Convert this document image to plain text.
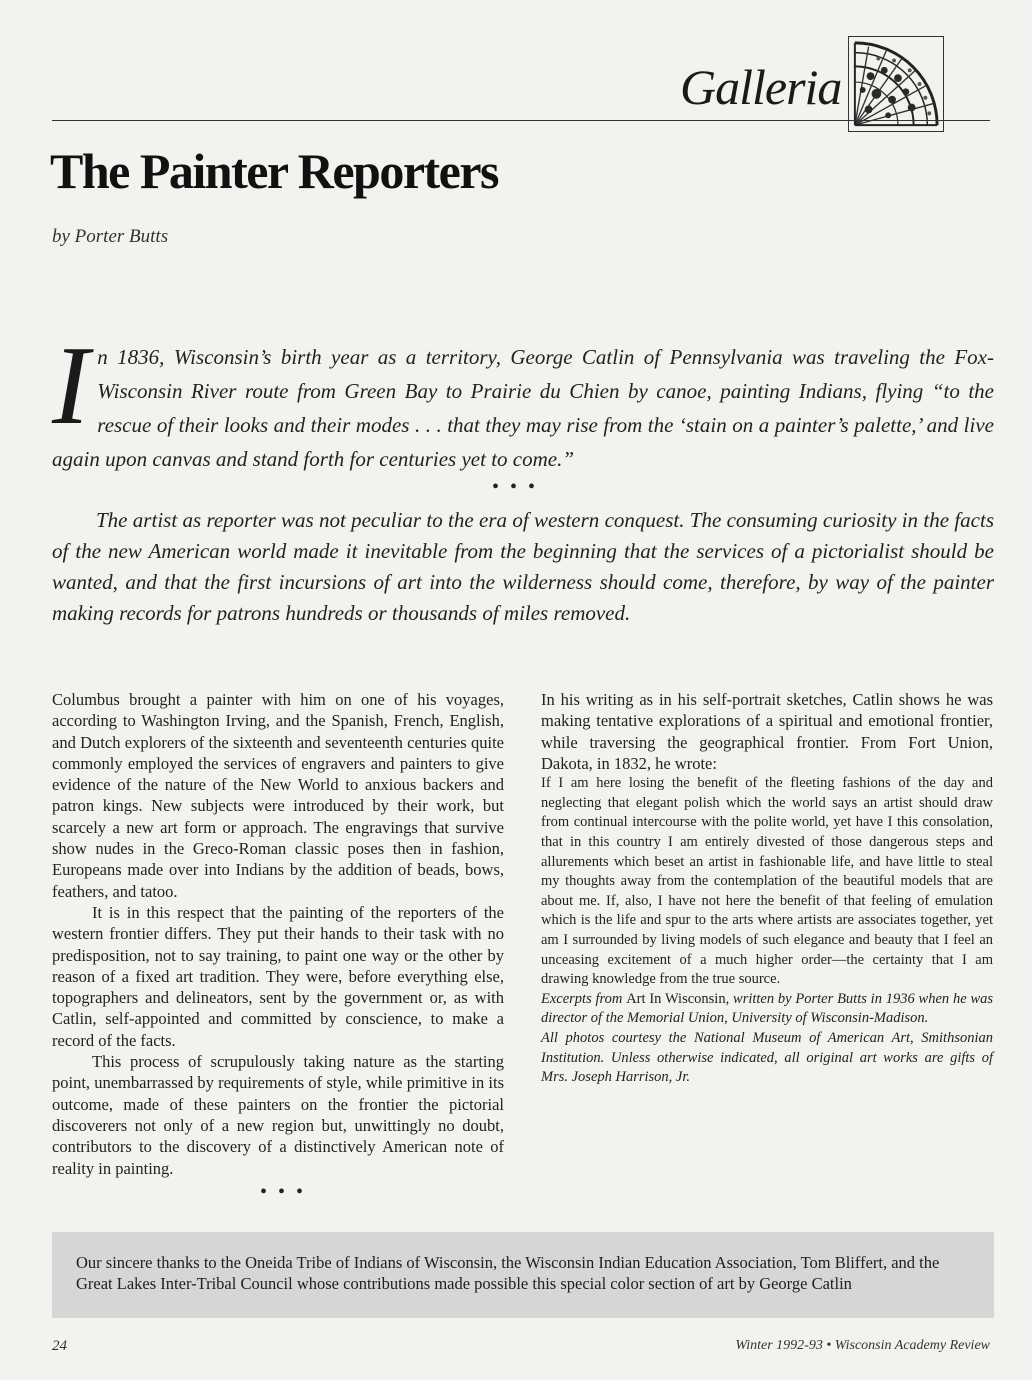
Galleria
The Painter Reporters
by Porter Butts
In 1836, Wisconsin’s birth year as a territory, George Catlin of Pennsylvania was traveling the Fox-Wisconsin River route from Green Bay to Prairie du Chien by canoe, painting Indians, flying “to the rescue of their looks and their modes . . . that they may rise from the ‘stain on a painter’s palette,’ and live again upon canvas and stand forth for centuries yet to come.”
• • •
The artist as reporter was not peculiar to the era of western conquest. The consuming curiosity in the facts of the new American world made it inevitable from the beginning that the services of a pictorialist should be wanted, and that the first incursions of art into the wilderness should come, therefore, by way of the painter making records for patrons hundreds or thousands of miles removed.

Columbus brought a painter with him on one of his voyages, according to Washington Irving, and the Spanish, French, English, and Dutch explorers of the sixteenth and seventeenth centuries quite commonly employed the services of engravers and painters to give evidence of the nature of the New World to anxious backers and patron kings. New subjects were introduced by their work, but scarcely a new art form or approach. The engravings that survive show nudes in the Greco-Roman classic poses then in fashion, Europeans made over into Indians by the addition of beads, bows, feathers, and tatoo.

It is in this respect that the painting of the reporters of the western frontier differs. They put their hands to their task with no predisposition, not to say training, to paint one way or the other by reason of a fixed art tradition. They were, before everything else, topographers and delineators, sent by the government or, as with Catlin, self-appointed and committed by conscience, to make a record of the facts.

This process of scrupulously taking nature as the starting point, unembarrassed by requirements of style, while primitive in its outcome, made of these painters on the frontier the pictorial discoverers not only of a new region but, unwittingly no doubt, contributors to the discovery of a distinctively American note of reality in painting.

• • •

In his writing as in his self-portrait sketches, Catlin shows he was making tentative explorations of a spiritual and emotional frontier, while traversing the geographical frontier. From Fort Union, Dakota, in 1832, he wrote:

If I am here losing the benefit of the fleeting fashions of the day and neglecting that elegant polish which the world says an artist should draw from continual intercourse with the polite world, yet have I this consolation, that in this country I am entirely divested of those dangerous steps and allurements which beset an artist in fashionable life, and have little to steal my thoughts away from the contemplation of the beautiful models that are about me. If, also, I have not here the benefit of that feeling of emulation which is the life and spur to the arts where artists are associates together, yet am I surrounded by living models of such elegance and beauty that I feel an unceasing excitement of a much higher order—the certainty that I am drawing knowledge from the true source.

Excerpts from Art In Wisconsin, written by Porter Butts in 1936 when he was director of the Memorial Union, University of Wisconsin-Madison.

All photos courtesy the National Museum of American Art, Smithsonian Institution. Unless otherwise indicated, all original art works are gifts of Mrs. Joseph Harrison, Jr.

Our sincere thanks to the Oneida Tribe of Indians of Wisconsin, the Wisconsin Indian Education Association, Tom Bliffert, and the Great Lakes Inter-Tribal Council whose contributions made possible this special color section of art by George Catlin
24	Winter 1992-93 • Wisconsin Academy Review
